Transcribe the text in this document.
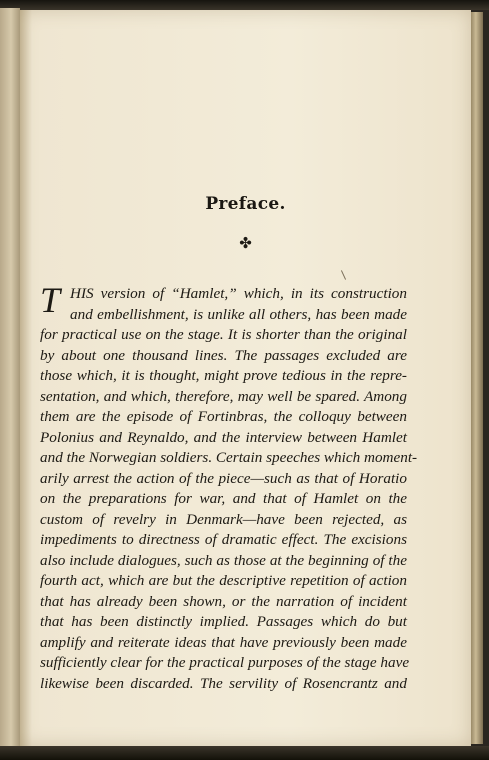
Preface.
✤
T HIS version of “Hamlet,” which, in its construction
and embellishment, is unlike all others, has been made
for practical use on the stage. It is shorter than the original
by about one thousand lines. The passages excluded are
those which, it is thought, might prove tedious in the repre-
sentation, and which, therefore, may well be spared. Among
them are the episode of Fortinbras, the colloquy between
Polonius and Reynaldo, and the interview between Hamlet
and the Norwegian soldiers. Certain speeches which moment-
arily arrest the action of the piece—such as that of Horatio
on the preparations for war, and that of Hamlet on the
custom of revelry in Denmark—have been rejected, as
impediments to directness of dramatic effect. The excisions
also include dialogues, such as those at the beginning of the
fourth act, which are but the descriptive repetition of action
that has already been shown, or the narration of incident
that has been distinctly implied. Passages which do but
amplify and reiterate ideas that have previously been made
sufficiently clear for the practical purposes of the stage have
likewise been discarded. The servility of Rosencrantz and
